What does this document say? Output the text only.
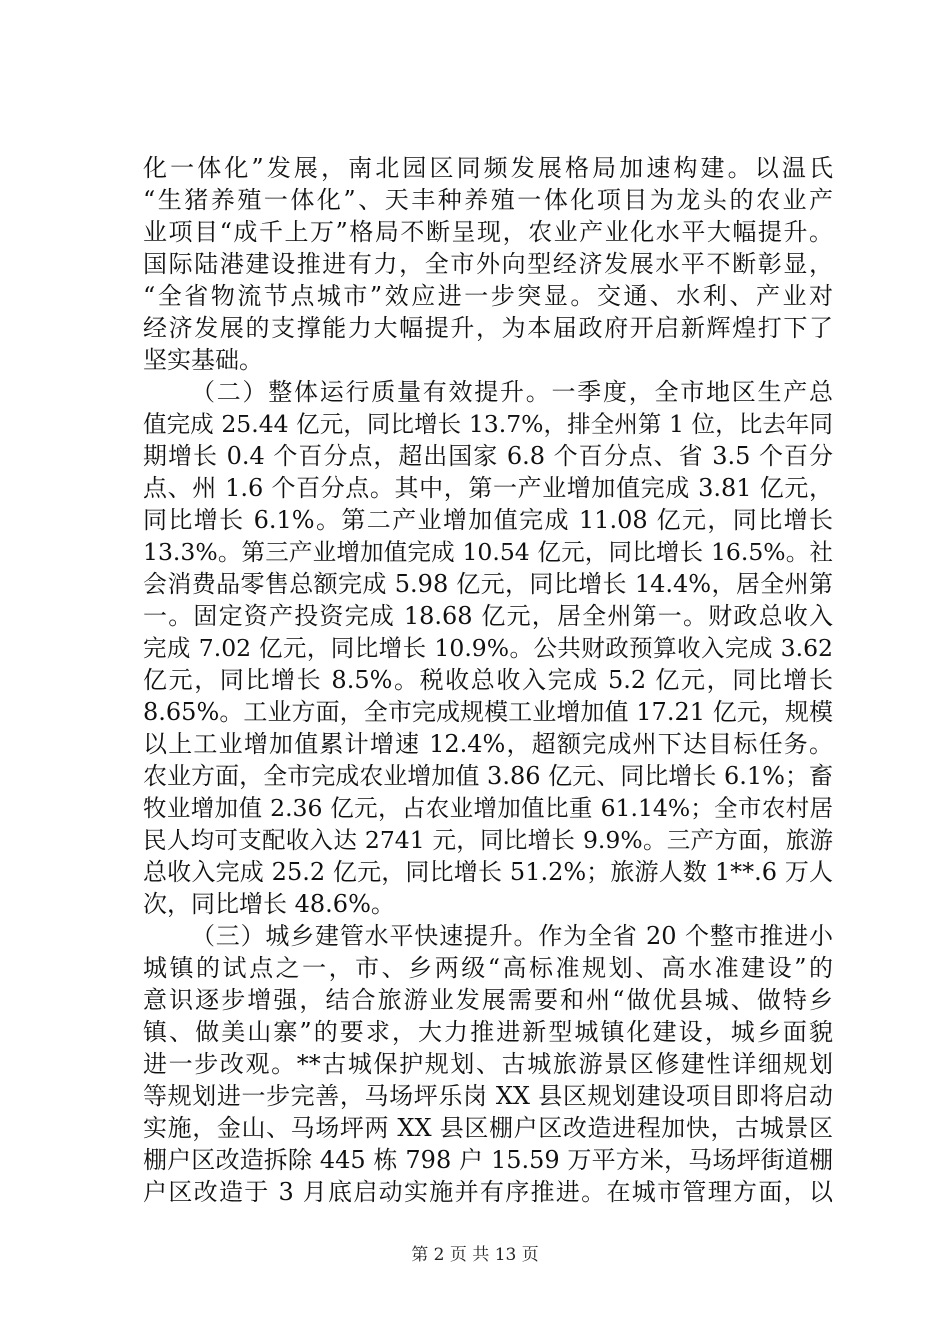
化一体化”发展，南北园区同频发展格局加速构建。以温氏
“生猪养殖一体化”、天丰种养殖一体化项目为龙头的农业产
业项目“成千上万”格局不断呈现，农业产业化水平大幅提升。
国际陆港建设推进有力，全市外向型经济发展水平不断彰显，
“全省物流节点城市”效应进一步突显。交通、水利、产业对
经济发展的支撑能力大幅提升，为本届政府开启新辉煌打下了
坚实基础。
（二）整体运行质量有效提升。一季度，全市地区生产总
值完成 25.44 亿元，同比增长 13.7%，排全州第 1 位，比去年同
期增长 0.4 个百分点，超出国家 6.8 个百分点、省 3.5 个百分
点、州 1.6 个百分点。其中，第一产业增加值完成 3.81 亿元，
同比增长 6.1%。第二产业增加值完成 11.08 亿元，同比增长
13.3%。第三产业增加值完成 10.54 亿元，同比增长 16.5%。社
会消费品零售总额完成 5.98 亿元，同比增长 14.4%，居全州第
一。固定资产投资完成 18.68 亿元，居全州第一。财政总收入
完成 7.02 亿元，同比增长 10.9%。公共财政预算收入完成 3.62
亿元，同比增长 8.5%。税收总收入完成 5.2 亿元，同比增长
8.65%。工业方面，全市完成规模工业增加值 17.21 亿元，规模
以上工业增加值累计增速 12.4%，超额完成州下达目标任务。
农业方面，全市完成农业增加值 3.86 亿元、同比增长 6.1%；畜
牧业增加值 2.36 亿元，占农业增加值比重 61.14%；全市农村居
民人均可支配收入达 2741 元，同比增长 9.9%。三产方面，旅游
总收入完成 25.2 亿元，同比增长 51.2%；旅游人数 1**.6 万人
次，同比增长 48.6%。
（三）城乡建管水平快速提升。作为全省 20 个整市推进小
城镇的试点之一，市、乡两级“高标准规划、高水准建设”的
意识逐步增强，结合旅游业发展需要和州“做优县城、做特乡
镇、做美山寨”的要求，大力推进新型城镇化建设，城乡面貌
进一步改观。**古城保护规划、古城旅游景区修建性详细规划
等规划进一步完善，马场坪乐岗 XX 县区规划建设项目即将启动
实施，金山、马场坪两 XX 县区棚户区改造进程加快，古城景区
棚户区改造拆除 445 栋 798 户 15.59 万平方米，马场坪街道棚
户区改造于 3 月底启动实施并有序推进。在城市管理方面，以
第 2 页 共 13 页
